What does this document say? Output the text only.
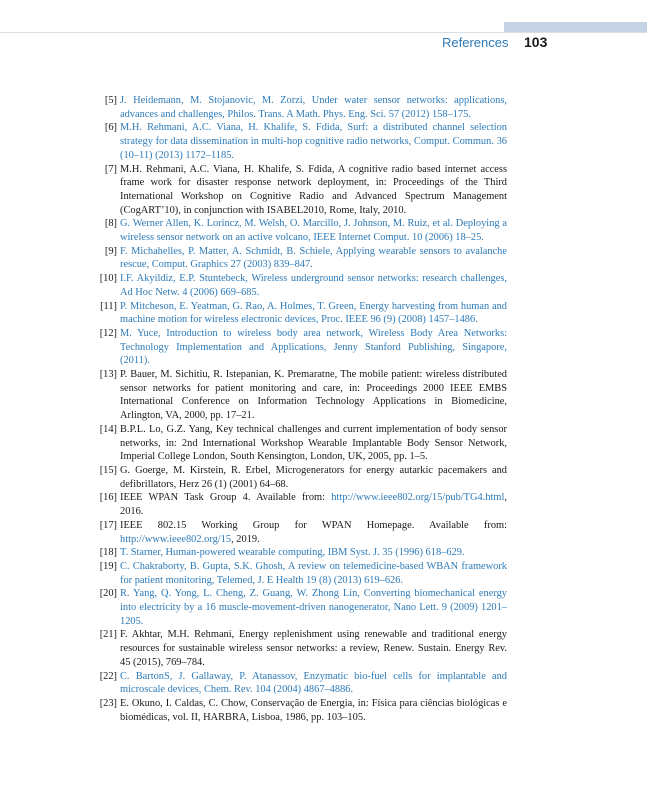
References 103
[5] J. Heidemann, M. Stojanovic, M. Zorzi, Under water sensor networks: applications, advances and challenges, Philos. Trans. A Math. Phys. Eng. Sci. 57 (2012) 158–175.
[6] M.H. Rehmani, A.C. Viana, H. Khalife, S. Fdida, Surf: a distributed channel selection strategy for data dissemination in multi-hop cognitive radio networks, Comput. Commun. 36 (10–11) (2013) 1172–1185.
[7] M.H. Rehmani, A.C. Viana, H. Khalife, S. Fdida, A cognitive radio based internet access frame work for disaster response network deployment, in: Proceedings of the Third International Workshop on Cognitive Radio and Advanced Spectrum Management (CogART’10), in conjunction with ISABEL2010, Rome, Italy, 2010.
[8] G. Werner Allen, K. Lorincz, M. Welsh, O. Marcillo, J. Johnson, M. Ruiz, et al. Deploying a wireless sensor network on an active volcano, IEEE Internet Comput. 10 (2006) 18–25.
[9] F. Michahelles, P. Matter, A. Schmidt, B. Schiele, Applying wearable sensors to avalanche rescue, Comput. Graphics 27 (2003) 839–847.
[10] I.F. Akyildiz, E.P. Stuntebeck, Wireless underground sensor networks: research challenges, Ad Hoc Netw. 4 (2006) 669–685.
[11] P. Mitcheson, E. Yeatman, G. Rao, A. Holmes, T. Green, Energy harvesting from human and machine motion for wireless electronic devices, Proc. IEEE 96 (9) (2008) 1457–1486.
[12] M. Yuce, Introduction to wireless body area network, Wireless Body Area Networks: Technology Implementation and Applications, Jenny Stanford Publishing, Singapore, (2011).
[13] P. Bauer, M. Sichitiu, R. Istepanian, K. Premaratne, The mobile patient: wireless distributed sensor networks for patient monitoring and care, in: Proceedings 2000 IEEE EMBS International Conference on Information Technology Applications in Biomedicine, Arlington, VA, 2000, pp. 17–21.
[14] B.P.L. Lo, G.Z. Yang, Key technical challenges and current implementation of body sensor networks, in: 2nd International Workshop Wearable Implantable Body Sensor Network, Imperial College London, South Kensington, London, UK, 2005, pp. 1–5.
[15] G. Goerge, M. Kirstein, R. Erbel, Microgenerators for energy autarkic pacemakers and defibrillators, Herz 26 (1) (2001) 64–68.
[16] IEEE WPAN Task Group 4. Available from: http://www.ieee802.org/15/pub/TG4.html, 2016.
[17] IEEE 802.15 Working Group for WPAN Homepage. Available from: http://www.ieee802.org/15, 2019.
[18] T. Starner, Human-powered wearable computing, IBM Syst. J. 35 (1996) 618–629.
[19] C. Chakraborty, B. Gupta, S.K. Ghosh, A review on telemedicine-based WBAN framework for patient monitoring, Telemed, J. E Health 19 (8) (2013) 619–626.
[20] R. Yang, Q. Yong, L. Cheng, Z. Guang, W. Zhong Lin, Converting biomechanical energy into electricity by a 16 muscle-movement-driven nanogenerator, Nano Lett. 9 (2009) 1201–1205.
[21] F. Akhtar, M.H. Rehmani, Energy replenishment using renewable and traditional energy resources for sustainable wireless sensor networks: a review, Renew. Sustain. Energy Rev. 45 (2015), 769–784.
[22] C. BartonS, J. Gallaway, P. Atanassov, Enzymatic bio-fuel cells for implantable and microscale devices, Chem. Rev. 104 (2004) 4867–4886.
[23] E. Okuno, I. Caldas, C. Chow, Conservação de Energia, in: Física para ciências biológicas e biomédicas, vol. II, HARBRA, Lisboa, 1986, pp. 103–105.
